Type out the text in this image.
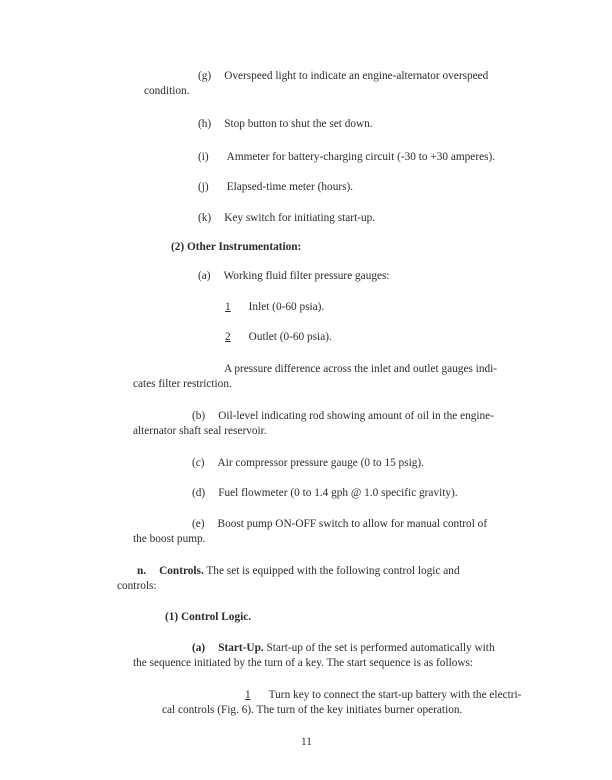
(g) Overspeed light to indicate an engine-alternator overspeed
condition.
(h) Stop button to shut the set down.
(i) Ammeter for battery-charging circuit (-30 to +30 amperes).
(j) Elapsed-time meter (hours).
(k) Key switch for initiating start-up.
(2) Other Instrumentation:
(a) Working fluid filter pressure gauges:
1 Inlet (0-60 psia).
2 Outlet (0-60 psia).
A pressure difference across the inlet and outlet gauges indi-
cates filter restriction.
(b) Oil-level indicating rod showing amount of oil in the engine-
alternator shaft seal reservoir.
(c) Air compressor pressure gauge (0 to 15 psig).
(d) Fuel flowmeter (0 to 1.4 gph @ 1.0 specific gravity).
(e) Boost pump ON-OFF switch to allow for manual control of
the boost pump.
n. Controls. The set is equipped with the following control logic and
controls:
(1) Control Logic.
(a) Start-Up. Start-up of the set is performed automatically with
the sequence initiated by the turn of a key. The start sequence is as follows:
1 Turn key to connect the start-up battery with the electri-
cal controls (Fig. 6). The turn of the key initiates burner operation.
11
